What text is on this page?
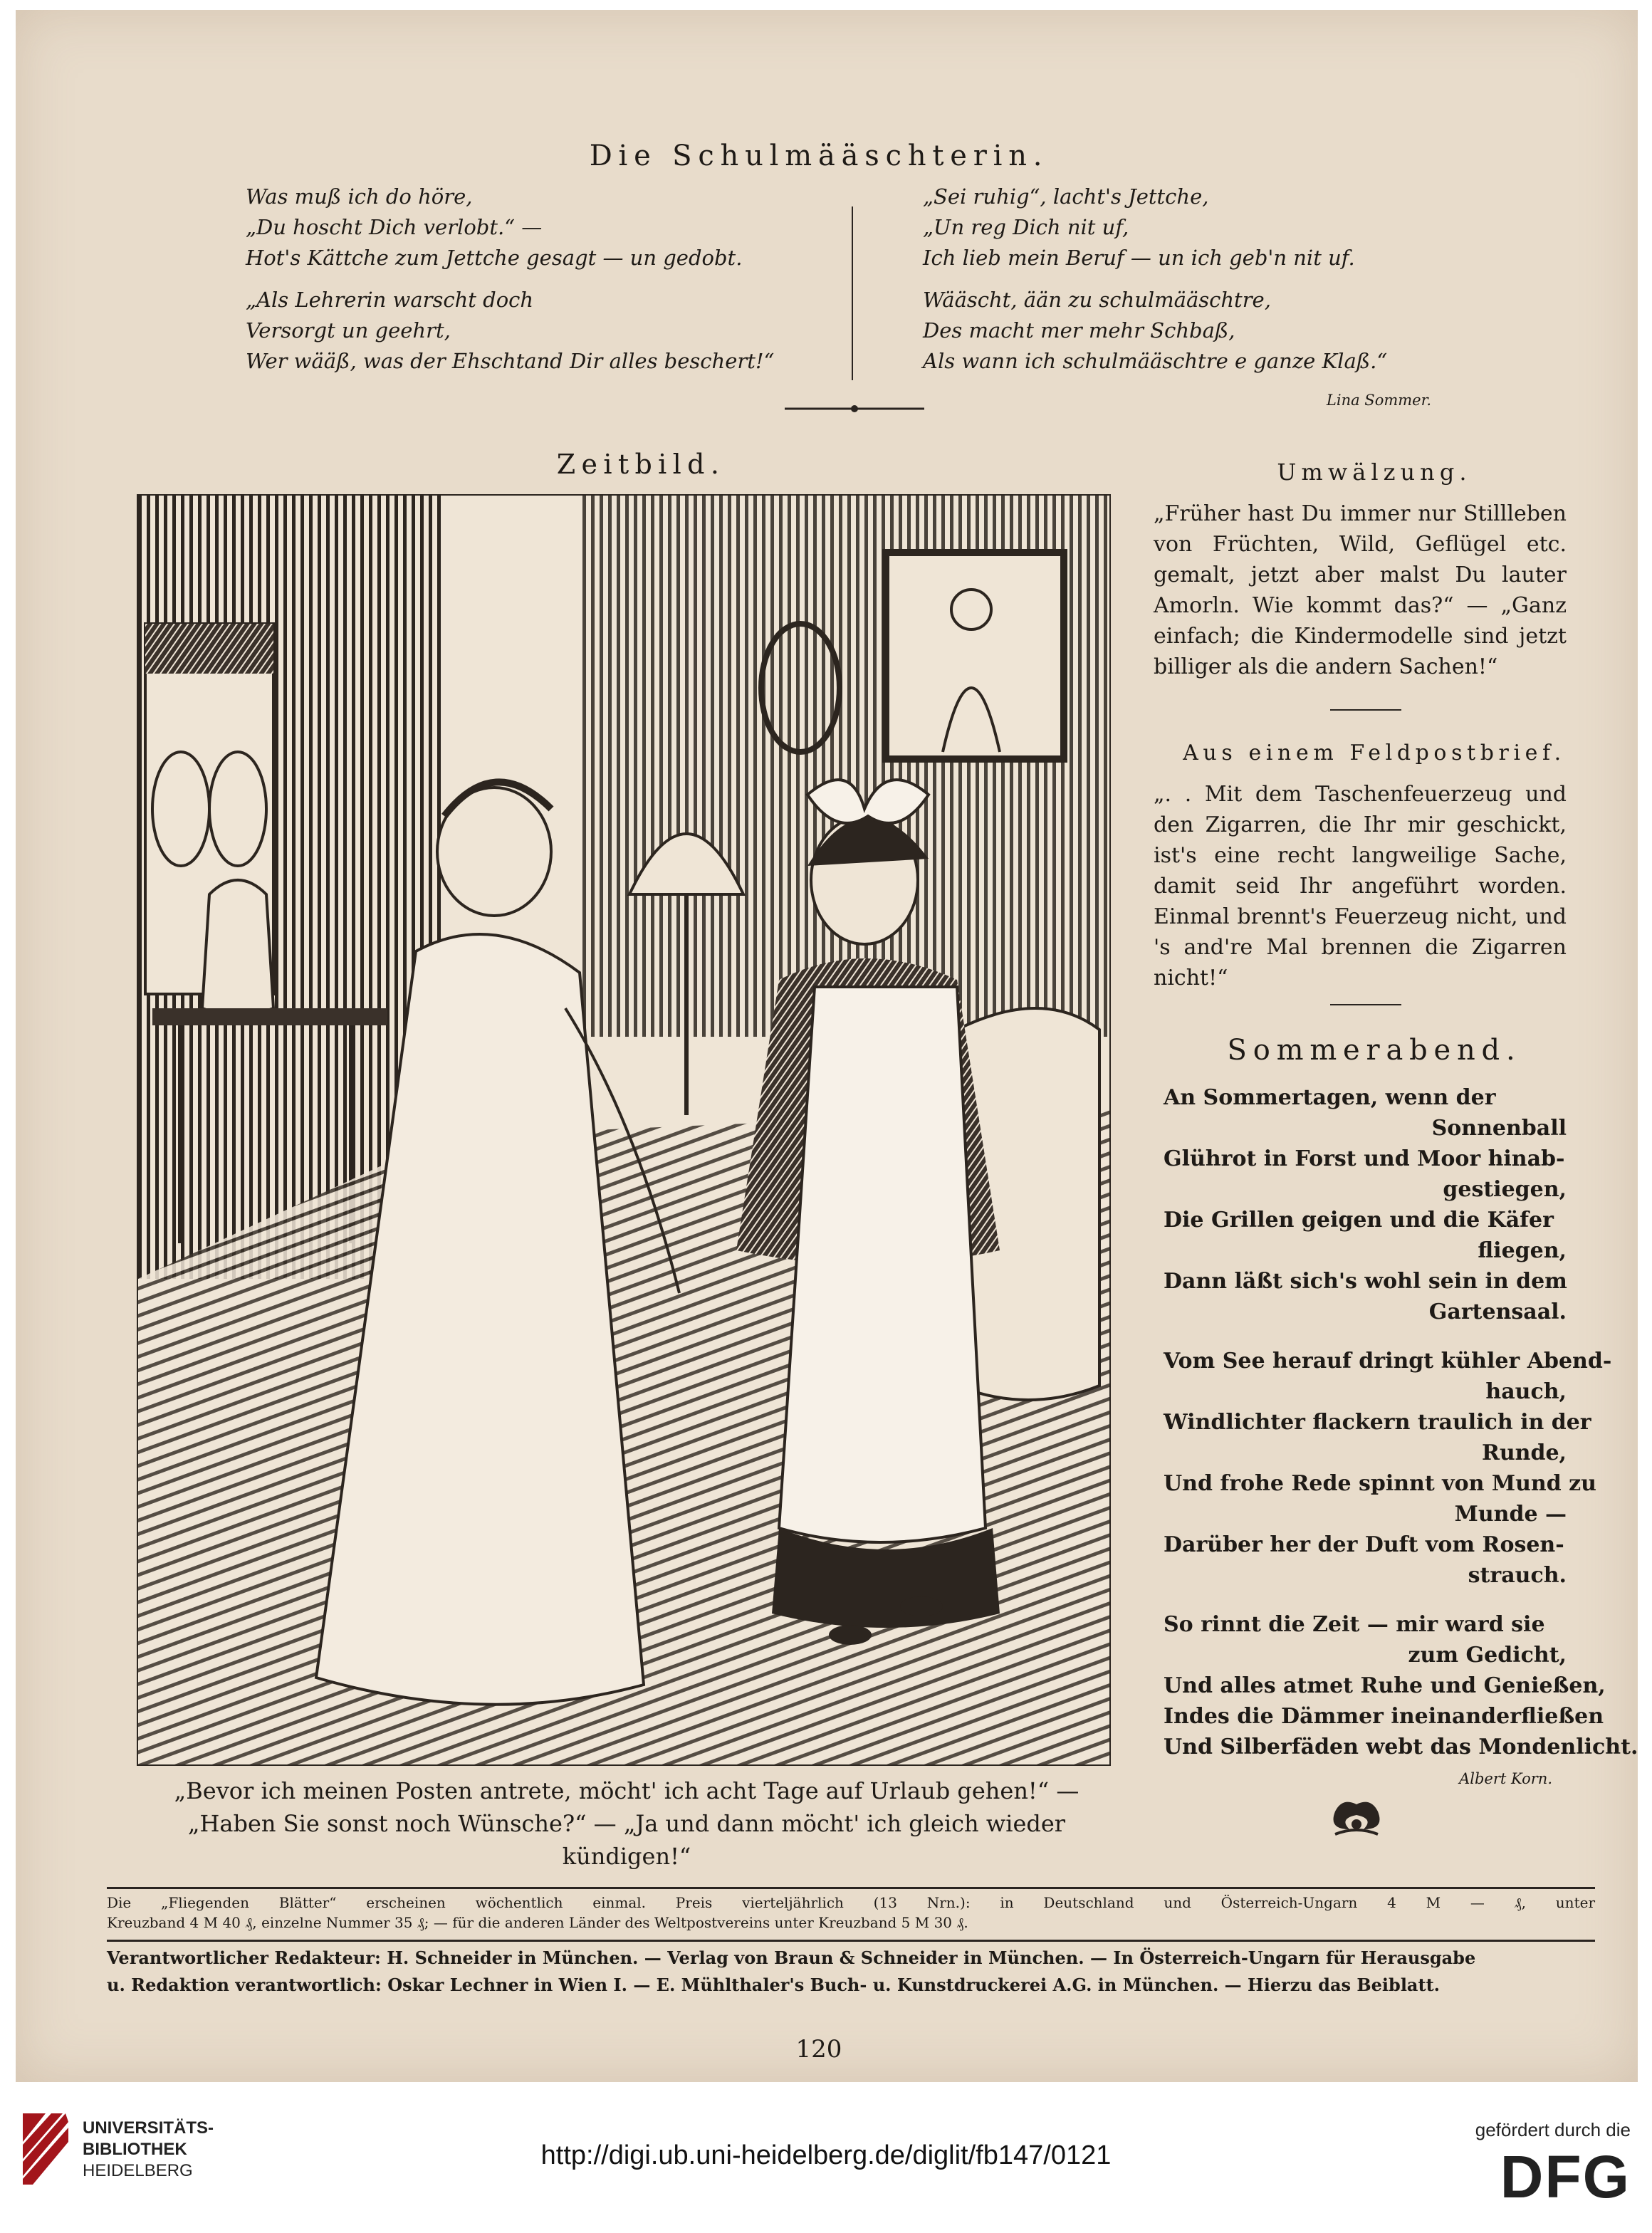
Die Schulmääschterin.
Was muß ich do höre,
„Du hoscht Dich verlobt.“ —
Hot's Kättche zum Jettche gesagt — un gedobt.
„Als Lehrerin warscht doch
Versorgt un geehrt,
Wer wääß, was der Ehschtand Dir alles beschert!“
„Sei ruhig“, lacht's Jettche,
„Un reg Dich nit uf,
Ich lieb mein Beruf — un ich geb'n nit uf.
Wääscht, ään zu schulmääschtre,
Des macht mer mehr Schbaß,
Als wann ich schulmääschtre e ganze Klaß.“
Lina Sommer.
Zeitbild.
„Bevor ich meinen Posten antrete, möcht' ich acht Tage auf Urlaub gehen!“ —
„Haben Sie sonst noch Wünsche?“ — „Ja und dann möcht' ich gleich wieder kündigen!“
Umwälzung.
„Früher hast Du immer nur Stillleben von Früchten, Wild, Geflügel etc. gemalt, jetzt aber malst Du lauter Amorln. Wie kommt das?“ — „Ganz einfach; die Kindermodelle sind jetzt billiger als die andern Sachen!“
Aus einem Feldpostbrief.
„. . Mit dem Taschenfeuerzeug und den Zigarren, die Ihr mir geschickt, ist's eine recht langweilige Sache, damit seid Ihr angeführt worden. Einmal brennt's Feuerzeug nicht, und 's and're Mal brennen die Zigarren nicht!“
Sommerabend.
An Sommertagen, wenn der
Sonnenball
Glührot in Forst und Moor hinab-
gestiegen,
Die Grillen geigen und die Käfer
fliegen,
Dann läßt sich's wohl sein in dem
Gartensaal.
Vom See herauf dringt kühler Abend-
hauch,
Windlichter flackern traulich in der
Runde,
Und frohe Rede spinnt von Mund zu
Munde —
Darüber her der Duft vom Rosen-
strauch.
So rinnt die Zeit — mir ward sie
zum Gedicht,
Und alles atmet Ruhe und Genießen,
Indes die Dämmer ineinanderfließen
Und Silberfäden webt das Mondenlicht.
Albert Korn.
Die „Fliegenden Blätter“ erscheinen wöchentlich einmal. Preis vierteljährlich (13 Nrn.): in Deutschland und Österreich-Ungarn 4 M — ₰, unter
Kreuzband 4 M 40 ₰, einzelne Nummer 35 ₰; — für die anderen Länder des Weltpostvereins unter Kreuzband 5 M 30 ₰.
Verantwortlicher Redakteur: H. Schneider in München. — Verlag von Braun & Schneider in München. — In Österreich-Ungarn für Herausgabe
u. Redaktion verantwortlich: Oskar Lechner in Wien I. — E. Mühlthaler's Buch- u. Kunstdruckerei A.G. in München. — Hierzu das Beiblatt.
120
UNIVERSITÄTS-
BIBLIOTHEK
HEIDELBERG
http://digi.ub.uni-heidelberg.de/diglit/fb147/0121
gefördert durch die
DFG
